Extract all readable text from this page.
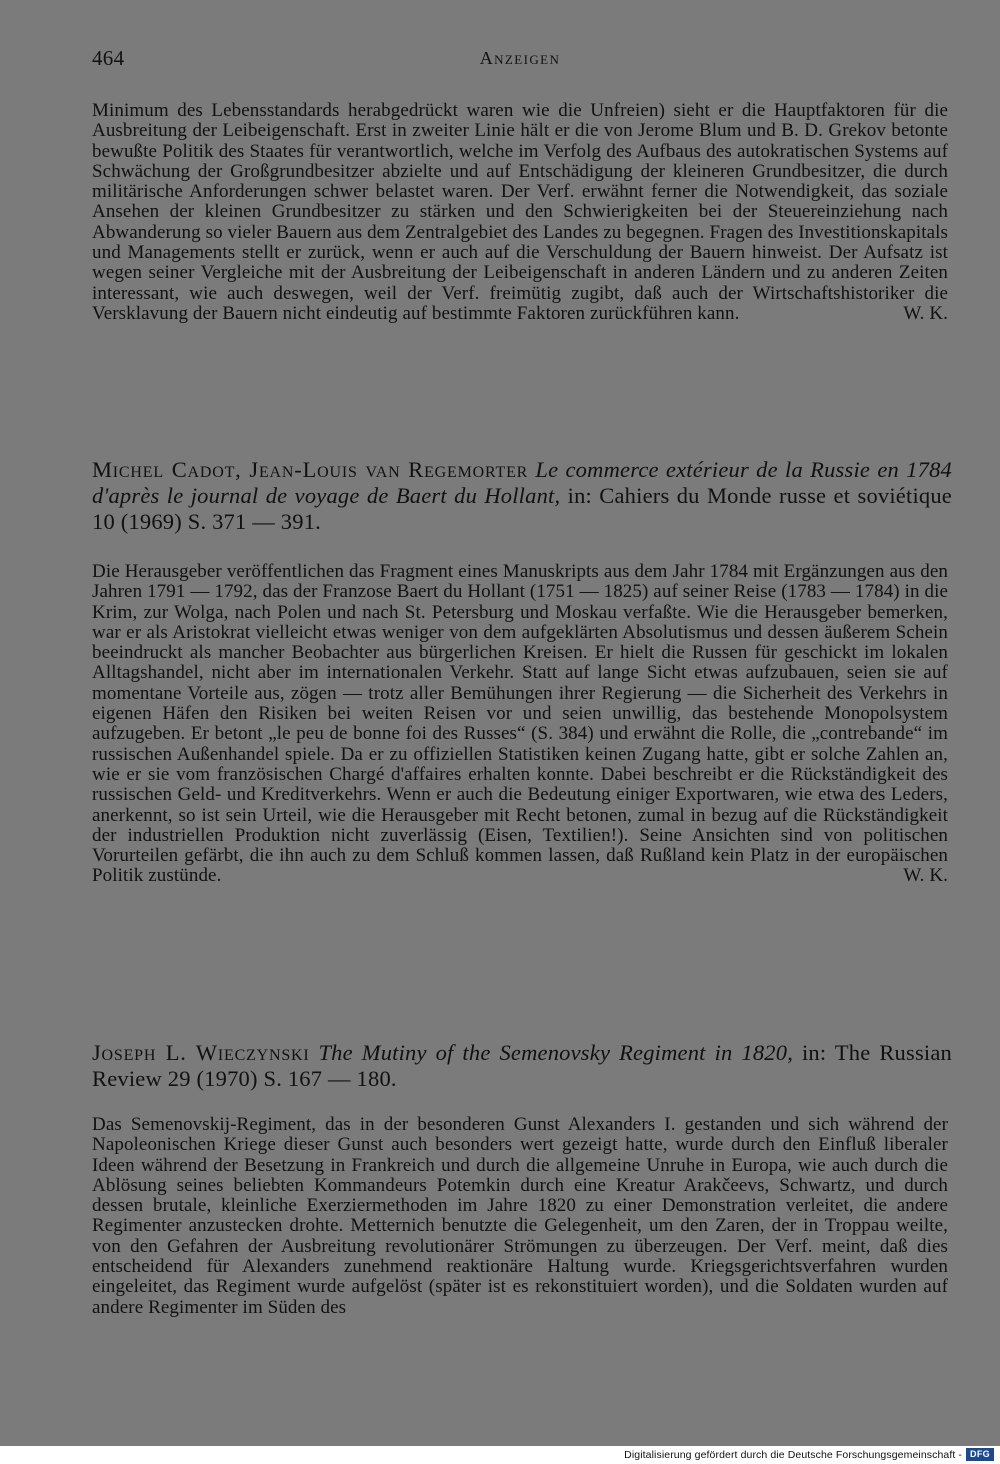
464	Anzeigen
Minimum des Lebensstandards herabgedrückt waren wie die Unfreien) sieht er die Hauptfaktoren für die Ausbreitung der Leibeigenschaft. Erst in zweiter Linie hält er die von Jerome Blum und B. D. Grekov betonte bewußte Politik des Staates für verantwortlich, welche im Verfolg des Aufbaus des autokratischen Systems auf Schwächung der Großgrundbesitzer abzielte und auf Entschädigung der kleineren Grundbesitzer, die durch militärische Anforderungen schwer belastet waren. Der Verf. erwähnt ferner die Notwendigkeit, das soziale Ansehen der kleinen Grundbesitzer zu stärken und den Schwierigkeiten bei der Steuereinziehung nach Abwanderung so vieler Bauern aus dem Zentralgebiet des Landes zu begegnen. Fragen des Investitionskapitals und Managements stellt er zurück, wenn er auch auf die Verschuldung der Bauern hinweist. Der Aufsatz ist wegen seiner Vergleiche mit der Ausbreitung der Leibeigenschaft in anderen Ländern und zu anderen Zeiten interessant, wie auch deswegen, weil der Verf. freimütig zugibt, daß auch der Wirtschaftshistoriker die Versklavung der Bauern nicht eindeutig auf bestimmte Faktoren zurückführen kann.	W. K.
Michel Cadot, Jean-Louis van Regemorter Le commerce extérieur de la Russie en 1784 d'après le journal de voyage de Baert du Hollant, in: Cahiers du Monde russe et soviétique 10 (1969) S. 371 — 391.
Die Herausgeber veröffentlichen das Fragment eines Manuskripts aus dem Jahr 1784 mit Ergänzungen aus den Jahren 1791 — 1792, das der Franzose Baert du Hollant (1751 — 1825) auf seiner Reise (1783 — 1784) in die Krim, zur Wolga, nach Polen und nach St. Petersburg und Moskau verfaßte. Wie die Herausgeber bemerken, war er als Aristokrat vielleicht etwas weniger von dem aufgeklärten Absolutismus und dessen äußerem Schein beeindruckt als mancher Beobachter aus bürgerlichen Kreisen. Er hielt die Russen für geschickt im lokalen Alltagshandel, nicht aber im internationalen Verkehr. Statt auf lange Sicht etwas aufzubauen, seien sie auf momentane Vorteile aus, zögen — trotz aller Bemühungen ihrer Regierung — die Sicherheit des Verkehrs in eigenen Häfen den Risiken bei weiten Reisen vor und seien unwillig, das bestehende Monopolsystem aufzugeben. Er betont „le peu de bonne foi des Russes“ (S. 384) und erwähnt die Rolle, die „contrebande“ im russischen Außenhandel spiele. Da er zu offiziellen Statistiken keinen Zugang hatte, gibt er solche Zahlen an, wie er sie vom französischen Chargé d'affaires erhalten konnte. Dabei beschreibt er die Rückständigkeit des russischen Geld- und Kreditverkehrs. Wenn er auch die Bedeutung einiger Exportwaren, wie etwa des Leders, anerkennt, so ist sein Urteil, wie die Herausgeber mit Recht betonen, zumal in bezug auf die Rückständigkeit der industriellen Produktion nicht zuverlässig (Eisen, Textilien!). Seine Ansichten sind von politischen Vorurteilen gefärbt, die ihn auch zu dem Schluß kommen lassen, daß Rußland kein Platz in der europäischen Politik zustünde.	W. K.
Joseph L. Wieczynski The Mutiny of the Semenovsky Regiment in 1820, in: The Russian Review 29 (1970) S. 167 — 180.
Das Semenovskij-Regiment, das in der besonderen Gunst Alexanders I. gestanden und sich während der Napoleonischen Kriege dieser Gunst auch besonders wert gezeigt hatte, wurde durch den Einfluß liberaler Ideen während der Besetzung in Frankreich und durch die allgemeine Unruhe in Europa, wie auch durch die Ablösung seines beliebten Kommandeurs Potemkin durch eine Kreatur Arakčeevs, Schwartz, und durch dessen brutale, kleinliche Exerziermethoden im Jahre 1820 zu einer Demonstration verleitet, die andere Regimenter anzustecken drohte. Metternich benutzte die Gelegenheit, um den Zaren, der in Troppau weilte, von den Gefahren der Ausbreitung revolutionärer Strömungen zu überzeugen. Der Verf. meint, daß dies entscheidend für Alexanders zunehmend reaktionäre Haltung wurde. Kriegsgerichtsverfahren wurden eingeleitet, das Regiment wurde aufgelöst (später ist es rekonstituiert worden), und die Soldaten wurden auf andere Regimenter im Süden des
Digitalisierung gefördert durch die Deutsche Forschungsgemeinschaft - DFG
